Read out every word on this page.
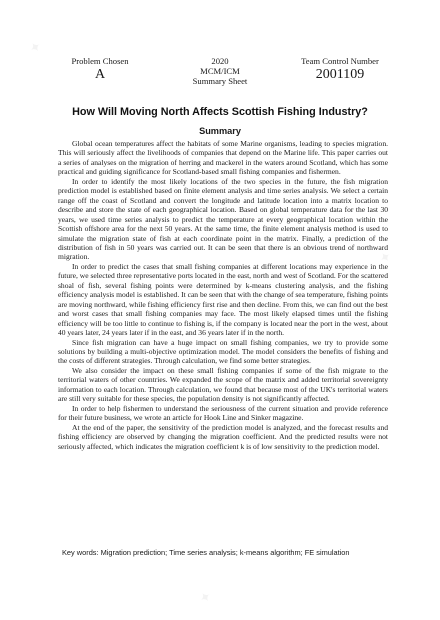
Problem Chosen
A
2020
MCM/ICM
Summary Sheet
Team Control Number
2001109
How Will Moving North Affects Scottish Fishing Industry?
Summary

Global ocean temperatures affect the habitats of some Marine organisms, leading to species migration. This will seriously affect the livelihoods of companies that depend on the Marine life. This paper carries out a series of analyses on the migration of herring and mackerel in the waters around Scotland, which has some practical and guiding significance for Scotland-based small fishing companies and fishermen.

In order to identify the most likely locations of the two species in the future, the fish migration prediction model is established based on finite element analysis and time series analysis. We select a certain range off the coast of Scotland and convert the longitude and latitude location into a matrix location to describe and store the state of each geographical location. Based on global temperature data for the last 30 years, we used time series analysis to predict the temperature at every geographical location within the Scottish offshore area for the next 50 years. At the same time, the finite element analysis method is used to simulate the migration state of fish at each coordinate point in the matrix. Finally, a prediction of the distribution of fish in 50 years was carried out. It can be seen that there is an obvious trend of northward migration.

In order to predict the cases that small fishing companies at different locations may experience in the future, we selected three representative ports located in the east, north and west of Scotland. For the scattered shoal of fish, several fishing points were determined by k-means clustering analysis, and the fishing efficiency analysis model is established. It can be seen that with the change of sea temperature, fishing points are moving northward, while fishing efficiency first rise and then decline. From this, we can find out the best and worst cases that small fishing companies may face. The most likely elapsed times until the fishing efficiency will be too little to continue to fishing is, if the company is located near the port in the west, about 40 years later, 24 years later if in the east, and 36 years later if in the north.

Since fish migration can have a huge impact on small fishing companies, we try to provide some solutions by building a multi-objective optimization model. The model considers the benefits of fishing and the costs of different strategies. Through calculation, we find some better strategies.

We also consider the impact on these small fishing companies if some of the fish migrate to the territorial waters of other countries. We expanded the scope of the matrix and added territorial sovereignty information to each location. Through calculation, we found that because most of the UK's territorial waters are still very suitable for these species, the population density is not significantly affected.

In order to help fishermen to understand the seriousness of the current situation and provide reference for their future business, we wrote an article for Hook Line and Sinker magazine.

At the end of the paper, the sensitivity of the prediction model is analyzed, and the forecast results and fishing efficiency are observed by changing the migration coefficient. And the predicted results were not seriously affected, which indicates the migration coefficient k is of low sensitivity to the prediction model.

Key words: Migration prediction; Time series analysis; k-means algorithm; FE simulation
✦
✦
✦
